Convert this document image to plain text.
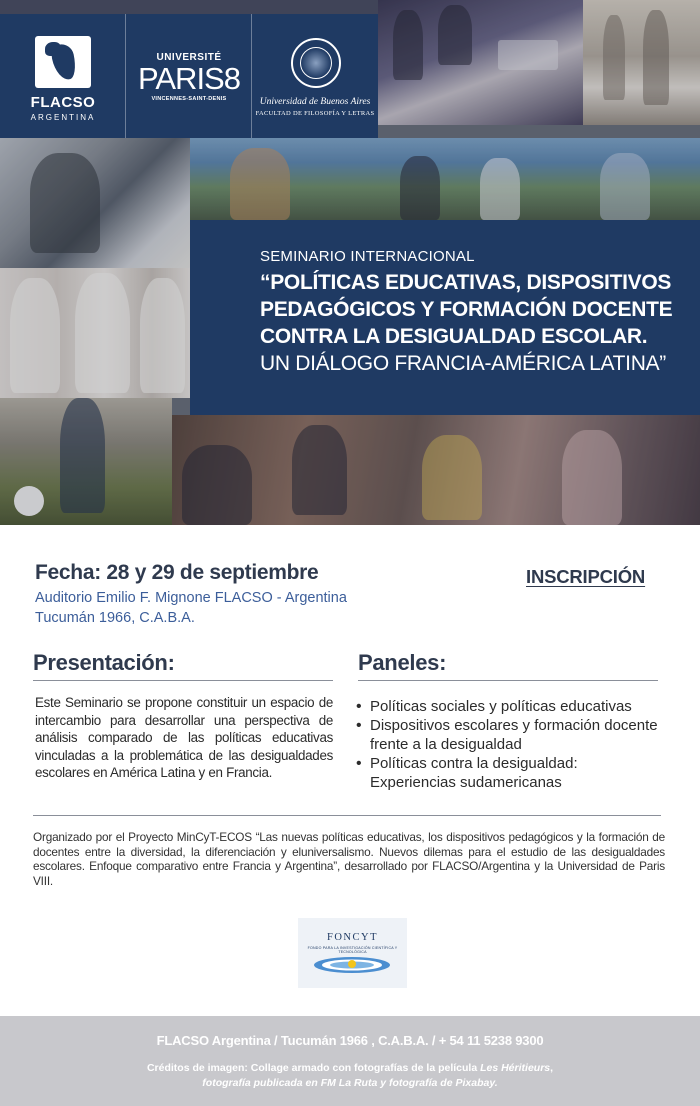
FLACSO
ARGENTINA
UNIVERSITÉ
PARIS8
VINCENNES-SAINT-DENIS	Universidad de Buenos Aires
FACULTAD DE FILOSOFÍA Y LETRAS
SEMINARIO INTERNACIONAL
“POLÍTICAS EDUCATIVAS, DISPOSITIVOS
PEDAGÓGICOS Y FORMACIÓN DOCENTE
CONTRA LA DESIGUALDAD ESCOLAR.
UN DIÁLOGO FRANCIA-AMÉRICA LATINA”
Fecha: 28 y 29 de septiembre
Auditorio Emilio F. Mignone FLACSO - Argentina
Tucumán 1966, C.A.B.A.
INSCRIPCIÓN
Presentación:
Este Seminario se propone constituir un espacio de intercambio para desarrollar una perspectiva de análisis comparado de las políticas educativas vinculadas a la problemática de las desigualdades escolares en América Latina y en Francia.
Paneles:
• Políticas sociales y políticas educativas
• Dispositivos escolares y formación docente frente a la desigualdad
• Políticas contra la desigualdad: Experiencias sudamericanas
Organizado por el Proyecto MinCyT-ECOS “Las nuevas políticas educativas, los dispositivos pedagógicos y la formación de docentes entre la diversidad, la diferenciación y eluniversalismo. Nuevos dilemas para el estudio de las desigualdades escolares. Enfoque comparativo entre Francia y Argentina”, desarrollado por FLACSO/Argentina y la Universidad de Paris VIII.
FONCYT
FONDO PARA LA INVESTIGACIÓN CIENTÍFICA Y TECNOLÓGICA
FLACSO Argentina / Tucumán 1966 , C.A.B.A. / + 54 11 5238 9300
Créditos de imagen: Collage armado con fotografías de la película Les Héritieurs,
fotografía publicada en FM La Ruta y fotografía de Pixabay.
